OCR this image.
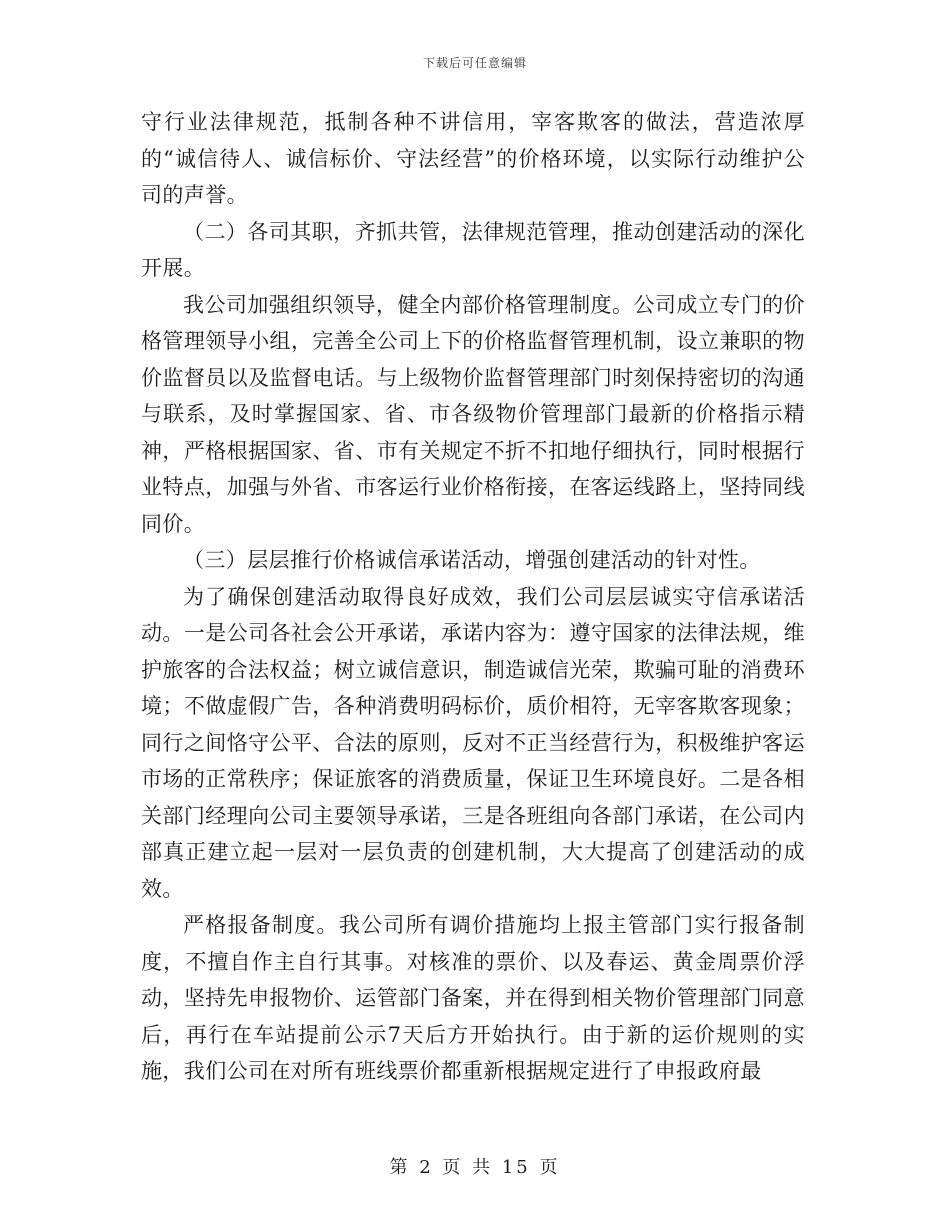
下载后可任意编辑

守行业法律规范，抵制各种不讲信用，宰客欺客的做法，营造浓厚的“诚信待人、诚信标价、守法经营”的价格环境，以实际行动维护公司的声誉。

（二）各司其职，齐抓共管，法律规范管理，推动创建活动的深化开展。

我公司加强组织领导，健全内部价格管理制度。公司成立专门的价格管理领导小组，完善全公司上下的价格监督管理机制，设立兼职的物价监督员以及监督电话。与上级物价监督管理部门时刻保持密切的沟通与联系，及时掌握国家、省、市各级物价管理部门最新的价格指示精神，严格根据国家、省、市有关规定不折不扣地仔细执行，同时根据行业特点，加强与外省、市客运行业价格衔接，在客运线路上，坚持同线同价。

（三）层层推行价格诚信承诺活动，增强创建活动的针对性。

为了确保创建活动取得良好成效，我们公司层层诚实守信承诺活动。一是公司各社会公开承诺，承诺内容为：遵守国家的法律法规，维护旅客的合法权益；树立诚信意识，制造诚信光荣，欺骗可耻的消费环境；不做虚假广告，各种消费明码标价，质价相符，无宰客欺客现象；同行之间恪守公平、合法的原则，反对不正当经营行为，积极维护客运市场的正常秩序；保证旅客的消费质量，保证卫生环境良好。二是各相关部门经理向公司主要领导承诺，三是各班组向各部门承诺，在公司内部真正建立起一层对一层负责的创建机制，大大提高了创建活动的成效。

严格报备制度。我公司所有调价措施均上报主管部门实行报备制度，不擅自作主自行其事。对核准的票价、以及春运、黄金周票价浮动，坚持先申报物价、运管部门备案，并在得到相关物价管理部门同意后，再行在车站提前公示7天后方开始执行。由于新的运价规则的实施，我们公司在对所有班线票价都重新根据规定进行了申报政府最

第 2 页 共 15 页
